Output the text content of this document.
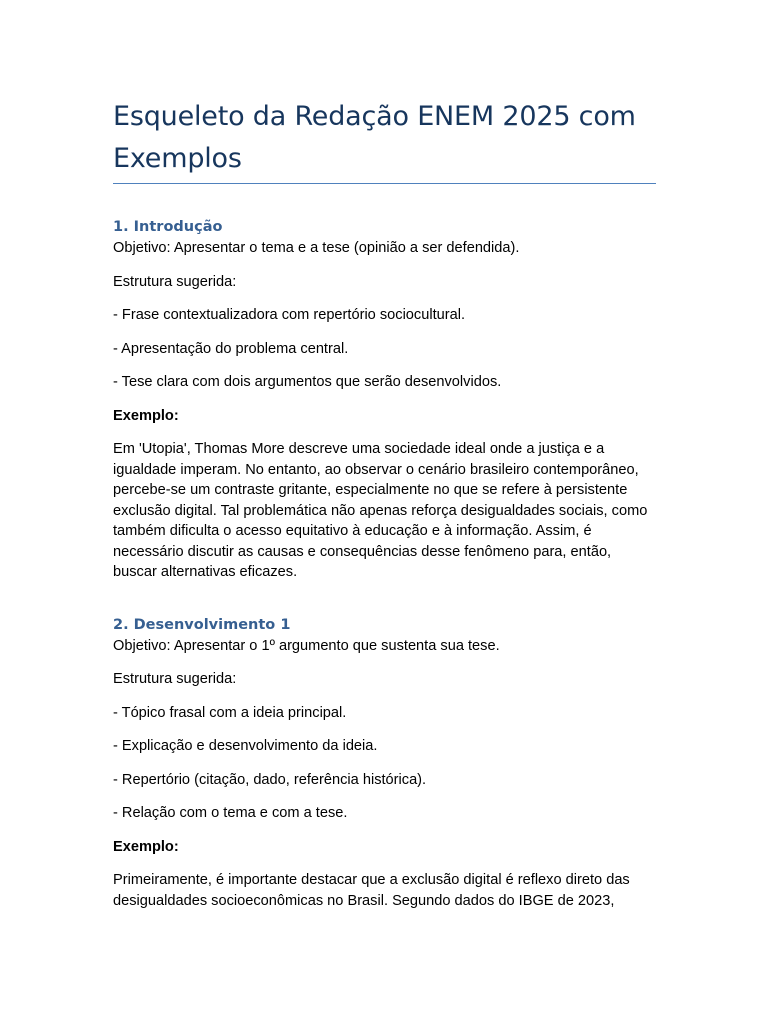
Esqueleto da Redação ENEM 2025 com Exemplos
1. Introdução

Objetivo: Apresentar o tema e a tese (opinião a ser defendida).

Estrutura sugerida:

- Frase contextualizadora com repertório sociocultural.

- Apresentação do problema central.

- Tese clara com dois argumentos que serão desenvolvidos.

Exemplo:

Em 'Utopia', Thomas More descreve uma sociedade ideal onde a justiça e a igualdade imperam. No entanto, ao observar o cenário brasileiro contemporâneo, percebe-se um contraste gritante, especialmente no que se refere à persistente exclusão digital. Tal problemática não apenas reforça desigualdades sociais, como também dificulta o acesso equitativo à educação e à informação. Assim, é necessário discutir as causas e consequências desse fenômeno para, então, buscar alternativas eficazes.

2. Desenvolvimento 1

Objetivo: Apresentar o 1º argumento que sustenta sua tese.

Estrutura sugerida:

- Tópico frasal com a ideia principal.

- Explicação e desenvolvimento da ideia.

- Repertório (citação, dado, referência histórica).

- Relação com o tema e com a tese.

Exemplo:

Primeiramente, é importante destacar que a exclusão digital é reflexo direto das desigualdades socioeconômicas no Brasil. Segundo dados do IBGE de 2023,
